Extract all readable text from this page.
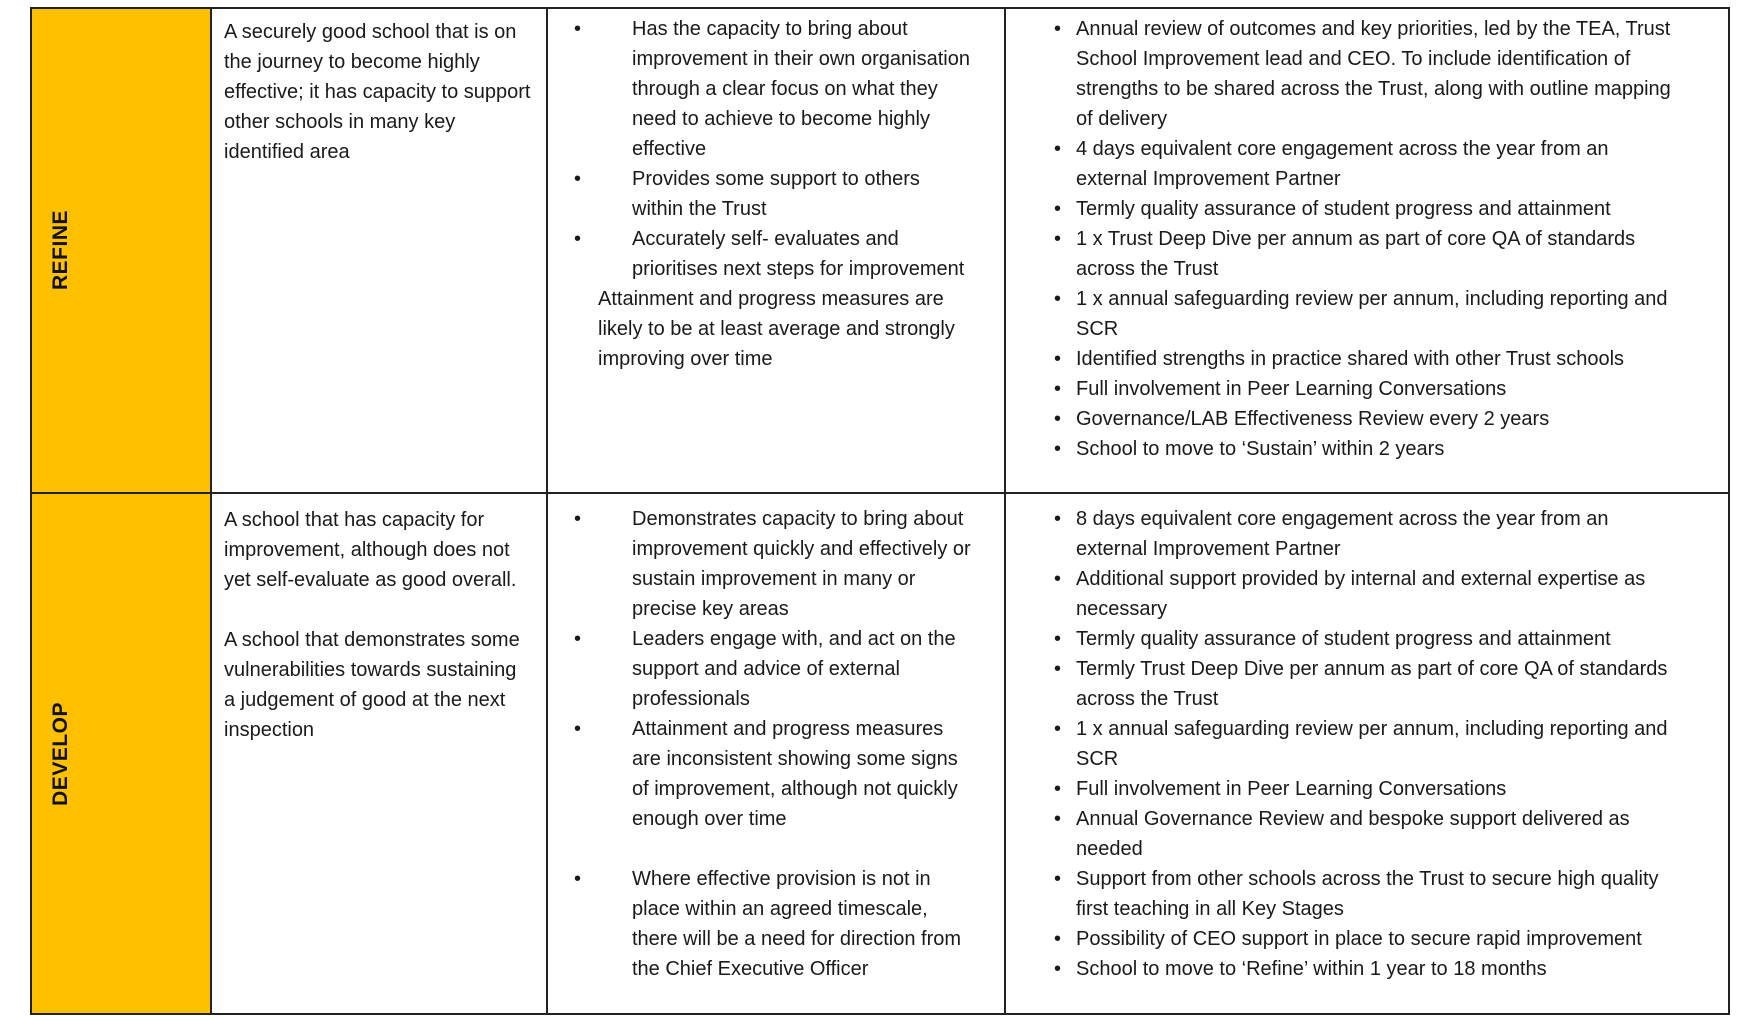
REFINE

A securely good school that is on the journey to become highly effective; it has capacity to support other schools in many key identified area

• Has the capacity to bring about improvement in their own organisation through a clear focus on what they need to achieve to become highly effective
• Provides some support to others within the Trust
• Accurately self- evaluates and prioritises next steps for improvement

Attainment and progress measures are likely to be at least average and strongly improving over time

• Annual review of outcomes and key priorities, led by the TEA, Trust School Improvement lead and CEO. To include identification of strengths to be shared across the Trust, along with outline mapping of delivery
• 4 days equivalent core engagement across the year from an external Improvement Partner
• Termly quality assurance of student progress and attainment
• 1 x Trust Deep Dive per annum as part of core QA of standards across the Trust
• 1 x annual safeguarding review per annum, including reporting and SCR
• Identified strengths in practice shared with other Trust schools
• Full involvement in Peer Learning Conversations
• Governance/LAB Effectiveness Review every 2 years
• School to move to ‘Sustain’ within 2 years
DEVELOP

A school that has capacity for improvement, although does not yet self-evaluate as good overall.

A school that demonstrates some vulnerabilities towards sustaining a judgement of good at the next inspection

• Demonstrates capacity to bring about improvement quickly and effectively or sustain improvement in many or precise key areas
• Leaders engage with, and act on the support and advice of external professionals
• Attainment and progress measures are inconsistent showing some signs of improvement, although not quickly enough over time
• Where effective provision is not in place within an agreed timescale, there will be a need for direction from the Chief Executive Officer
• 8 days equivalent core engagement across the year from an external Improvement Partner
• Additional support provided by internal and external expertise as necessary
• Termly quality assurance of student progress and attainment
• Termly Trust Deep Dive per annum as part of core QA of standards across the Trust
• 1 x annual safeguarding review per annum, including reporting and SCR
• Full involvement in Peer Learning Conversations
• Annual Governance Review and bespoke support delivered as needed
• Support from other schools across the Trust to secure high quality first teaching in all Key Stages
• Possibility of CEO support in place to secure rapid improvement
• School to move to ‘Refine’ within 1 year to 18 months
